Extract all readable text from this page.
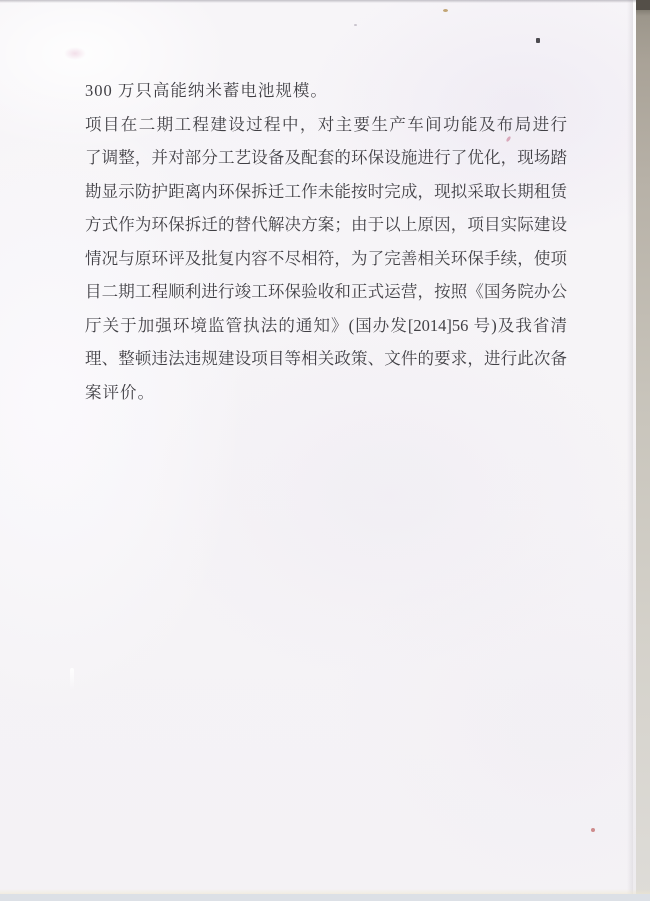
300 万只高能纳米蓄电池规模。
项目在二期工程建设过程中，对主要生产车间功能及布局进行
了调整，并对部分工艺设备及配套的环保设施进行了优化，现场踏
勘显示防护距离内环保拆迁工作未能按时完成，现拟采取长期租赁
方式作为环保拆迁的替代解决方案；由于以上原因，项目实际建设
情况与原环评及批复内容不尽相符，为了完善相关环保手续，使项
目二期工程顺利进行竣工环保验收和正式运营，按照《国务院办公
厅关于加强环境监管执法的通知》(国办发[2014]56 号)及我省清
理、整顿违法违规建设项目等相关政策、文件的要求，进行此次备
案评价。
